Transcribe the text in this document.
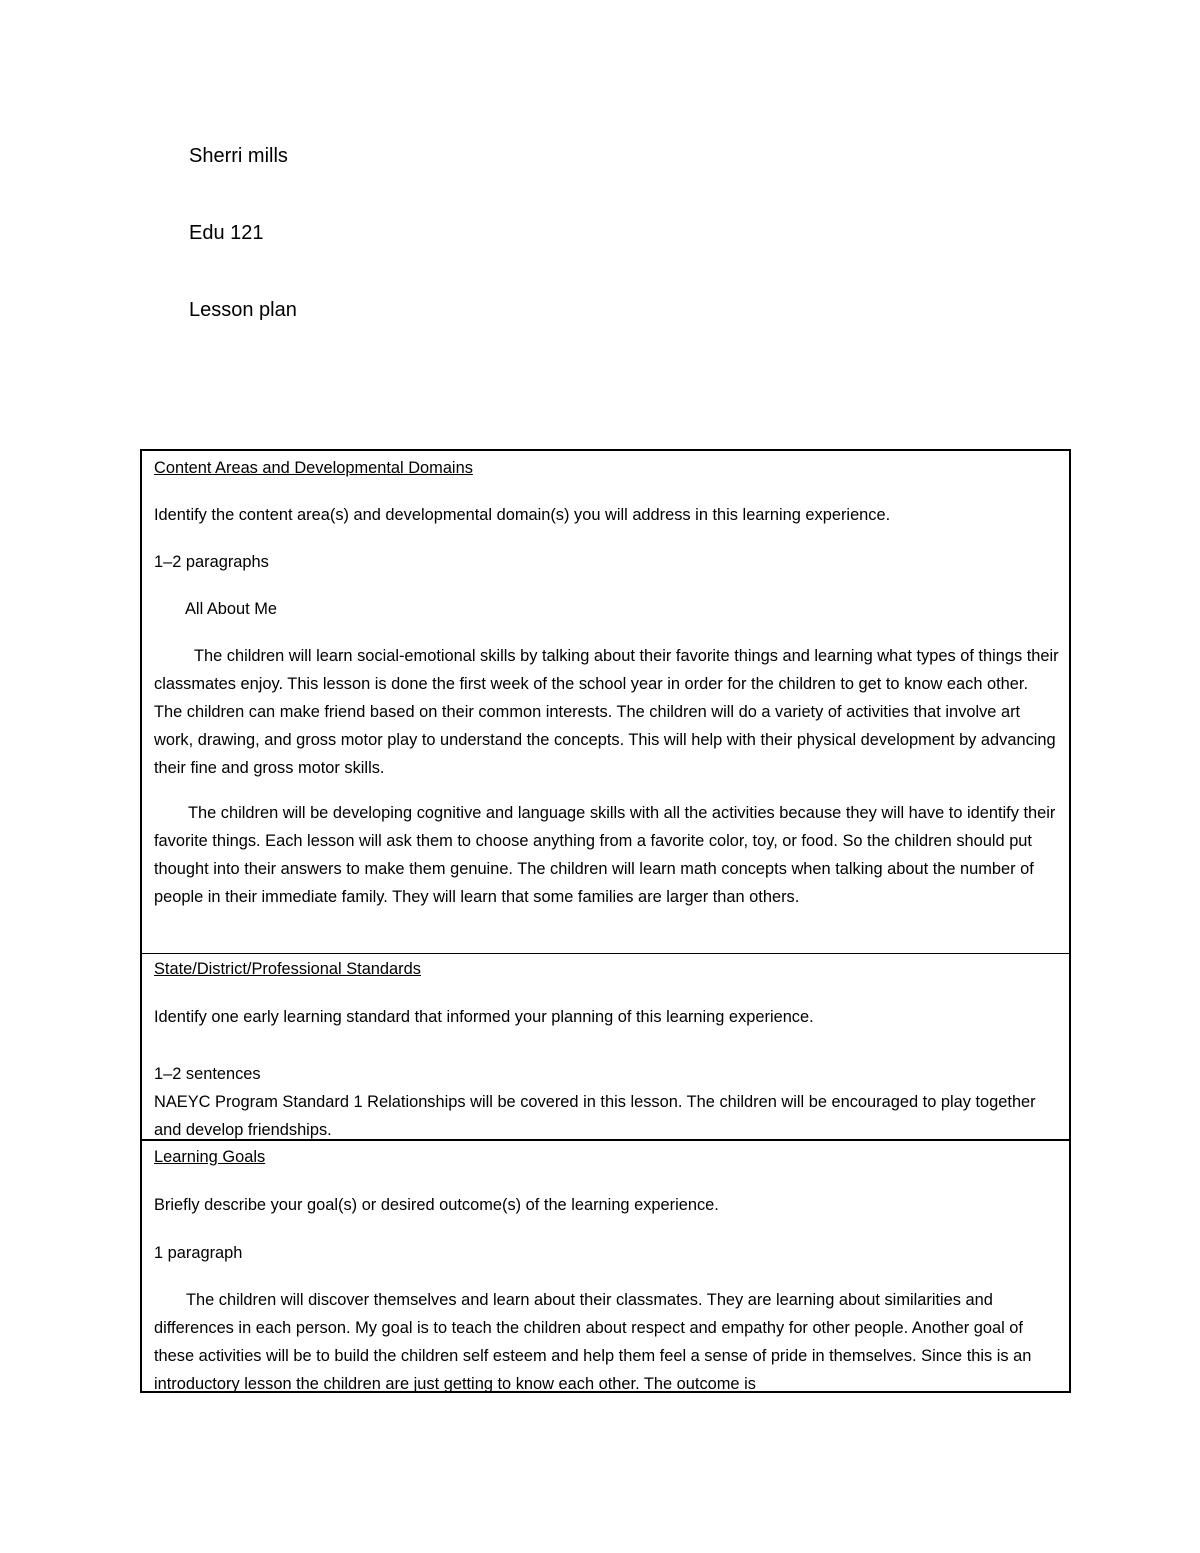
Sherri mills
Edu 121
Lesson plan

Content Areas and Developmental Domains

Identify the content area(s) and developmental domain(s) you will address in this learning experience.

1–2 paragraphs

All About Me

The children will learn social-emotional skills by talking about their favorite things and learning what types of things their classmates enjoy. This lesson is done the first week of the school year in order for the children to get to know each other. The children can make friend based on their common interests. The children will do a variety of activities that involve art work, drawing, and gross motor play to understand the concepts. This will help with their physical development by advancing their fine and gross motor skills.

The children will be developing cognitive and language skills with all the activities because they will have to identify their favorite things. Each lesson will ask them to choose anything from a favorite color, toy, or food. So the children should put thought into their answers to make them genuine. The children will learn math concepts when talking about the number of people in their immediate family. They will learn that some families are larger than others.

State/District/Professional Standards

Identify one early learning standard that informed your planning of this learning experience.

1–2 sentences

NAEYC Program Standard 1 Relationships will be covered in this lesson. The children will be encouraged to play together and develop friendships.

Learning Goals

Briefly describe your goal(s) or desired outcome(s) of the learning experience.

1 paragraph

The children will discover themselves and learn about their classmates. They are learning about similarities and differences in each person. My goal is to teach the children about respect and empathy for other people. Another goal of these activities will be to build the children self esteem and help them feel a sense of pride in themselves. Since this is an introductory lesson the children are just getting to know each other. The outcome is
